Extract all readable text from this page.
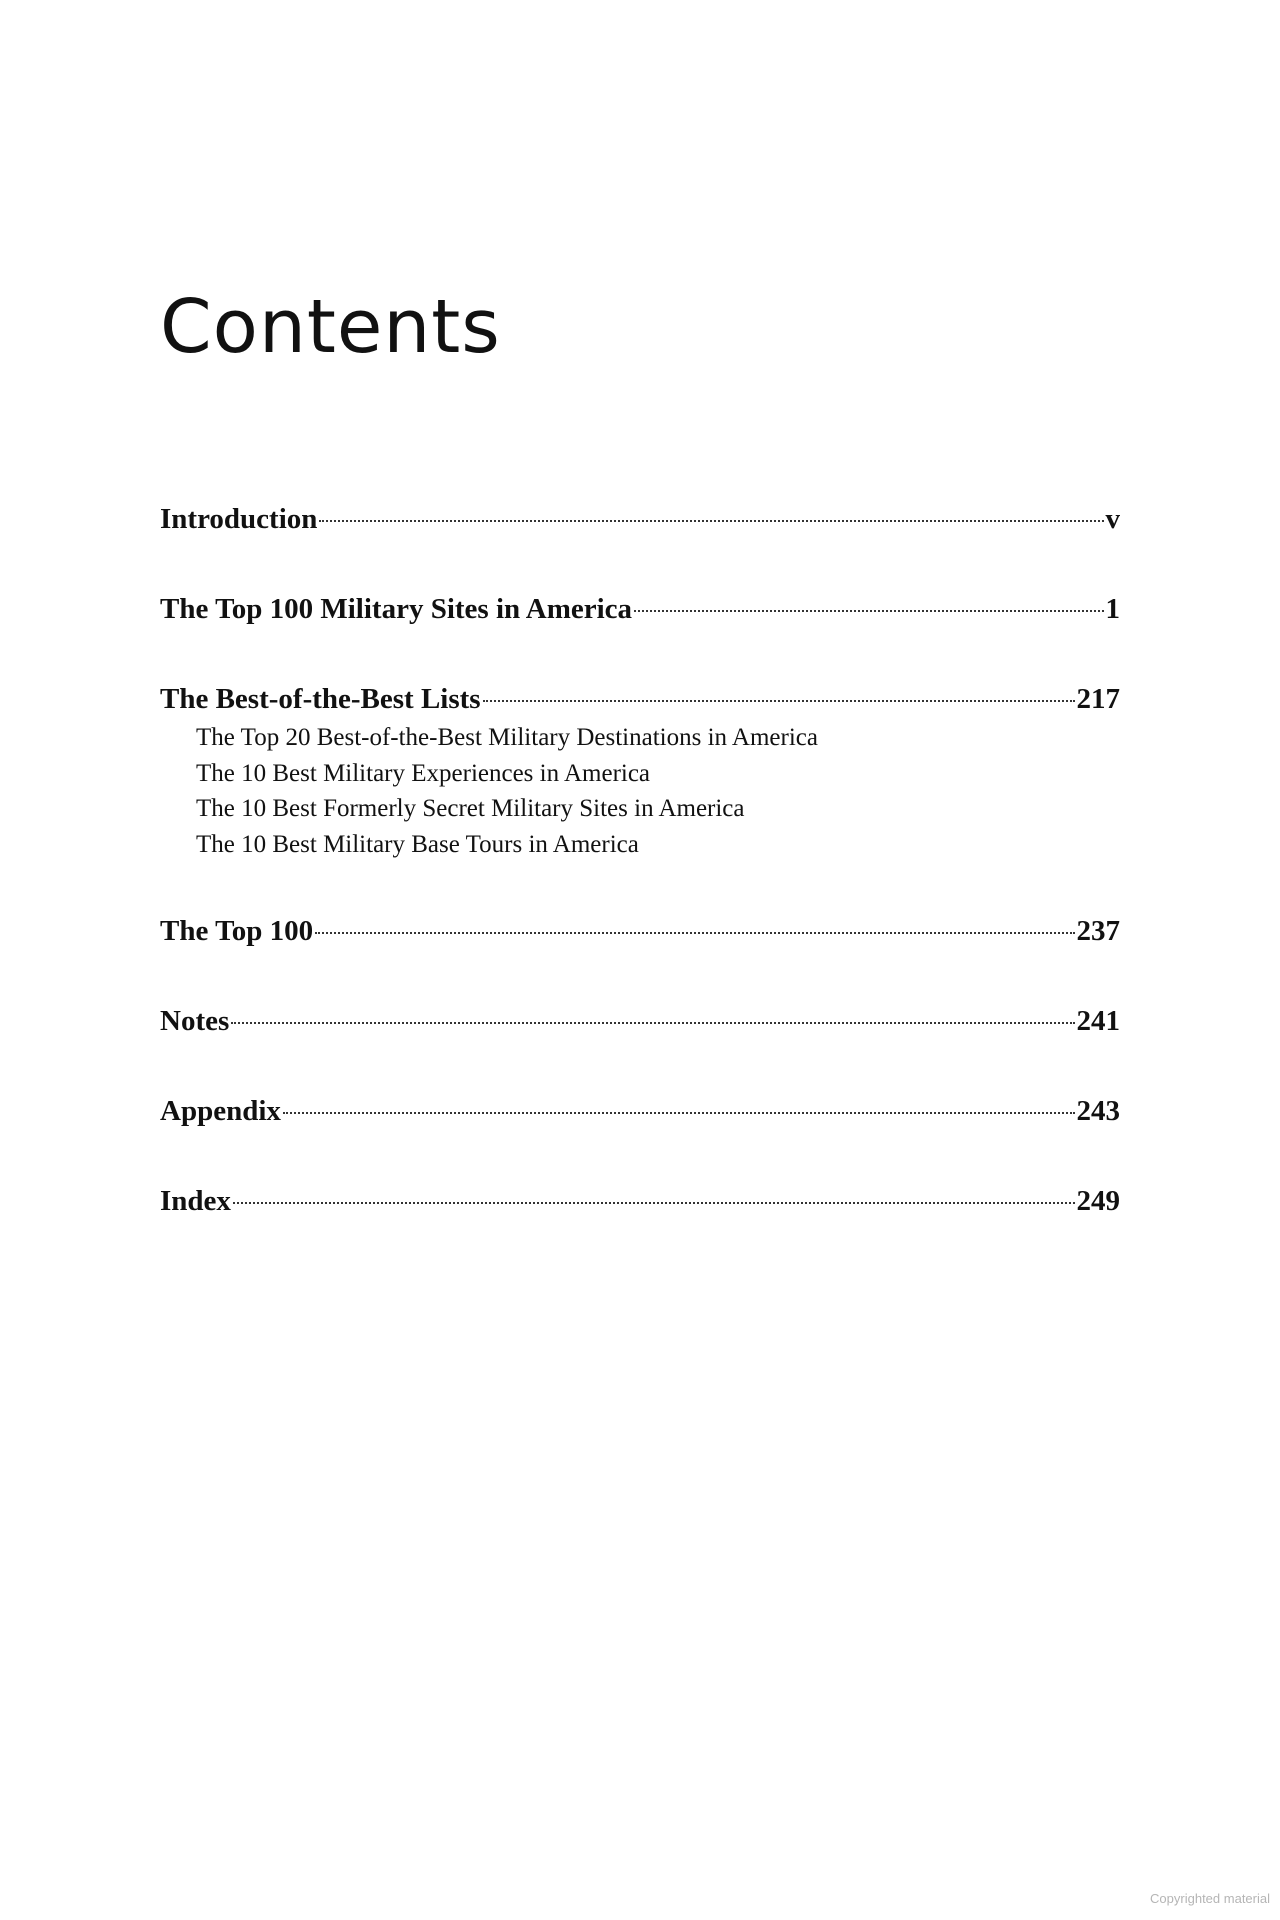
Contents
Introduction	v
The Top 100 Military Sites in America	1
The Best-of-the-Best Lists	217
The Top 20 Best-of-the-Best Military Destinations in America
The 10 Best Military Experiences in America
The 10 Best Formerly Secret Military Sites in America
The 10 Best Military Base Tours in America
The Top 100	237
Notes	241
Appendix	243
Index	249
Copyrighted material
